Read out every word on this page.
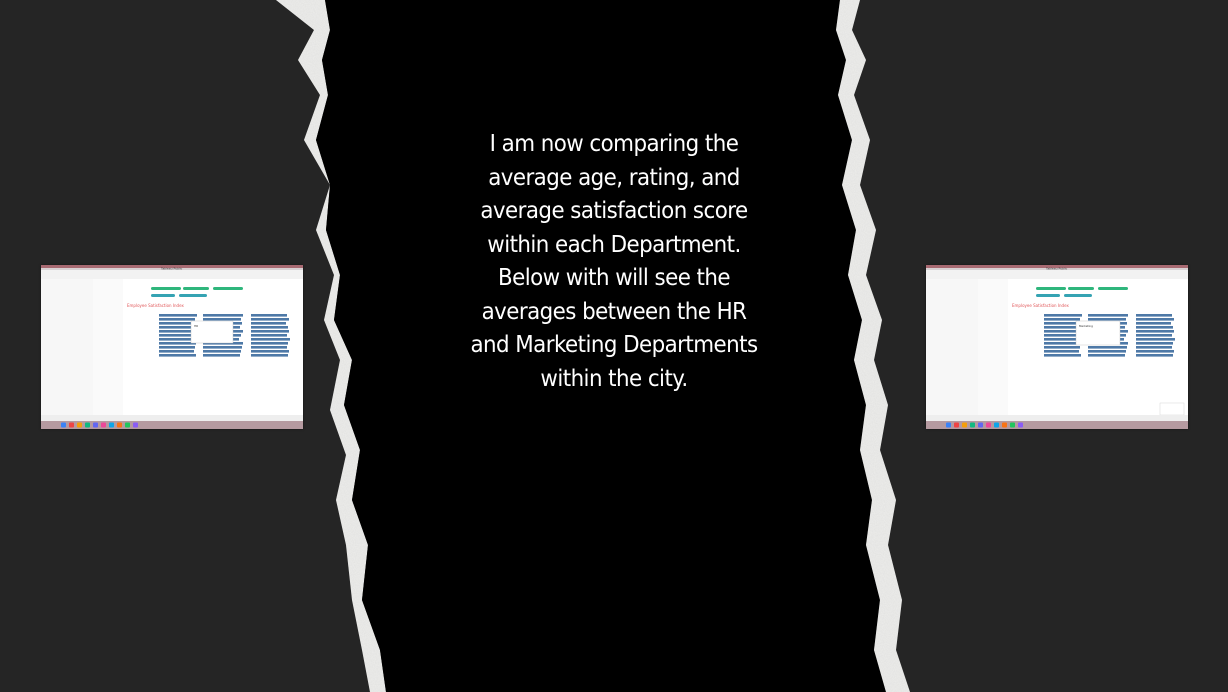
I am now comparing the
average age, rating, and
average satisfaction score
within each Department.
Below with will see the
averages between the HR
and Marketing Departments
within the city.
Tableau Public
Employee Satisfaction Index
HR
Tableau Public
Employee Satisfaction Index
Marketing
